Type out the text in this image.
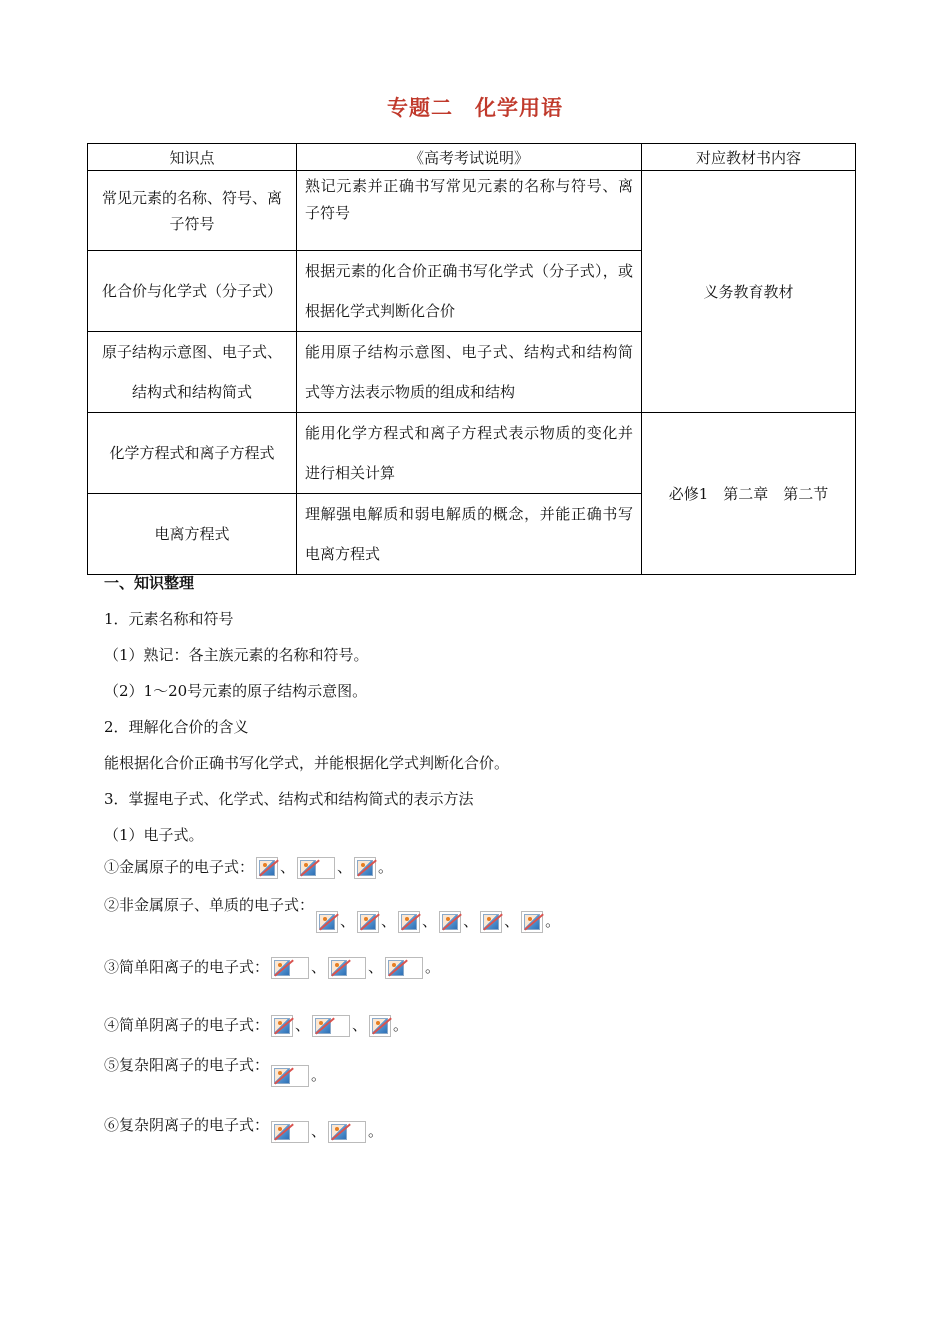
专题二　化学用语
知识点	《高考考试说明》	对应教材书内容
常见元素的名称、符号、离子符号	熟记元素并正确书写常见元素的名称与符号、离子符号	义务教育教材
化合价与化学式（分子式）	根据元素的化合价正确书写化学式（分子式），或根据化学式判断化合价	
原子结构示意图、电子式、结构式和结构简式	能用原子结构示意图、电子式、结构式和结构简式等方法表示物质的组成和结构	
化学方程式和离子方程式	能用化学方程式和离子方程式表示物质的变化并进行相关计算	必修1　第二章　第二节
电离方程式	理解强电解质和弱电解质的概念，并能正确书写电离方程式	
一、知识整理
1．元素名称和符号
（1）熟记：各主族元素的名称和符号。
（2）1～20号元素的原子结构示意图。
2．理解化合价的含义
能根据化合价正确书写化学式，并能根据化学式判断化合价。
3．掌握电子式、化学式、结构式和结构简式的表示方法
（1）电子式。
①金属原子的电子式： 、	、 。
②非金属原子、单质的电子式：
、 、 、 、 、 。
③简单阳离子的电子式：	、	、	。
④简单阴离子的电子式： 、	、 。
⑤复杂阳离子的电子式：
。
⑥复杂阴离子的电子式：	、	。
